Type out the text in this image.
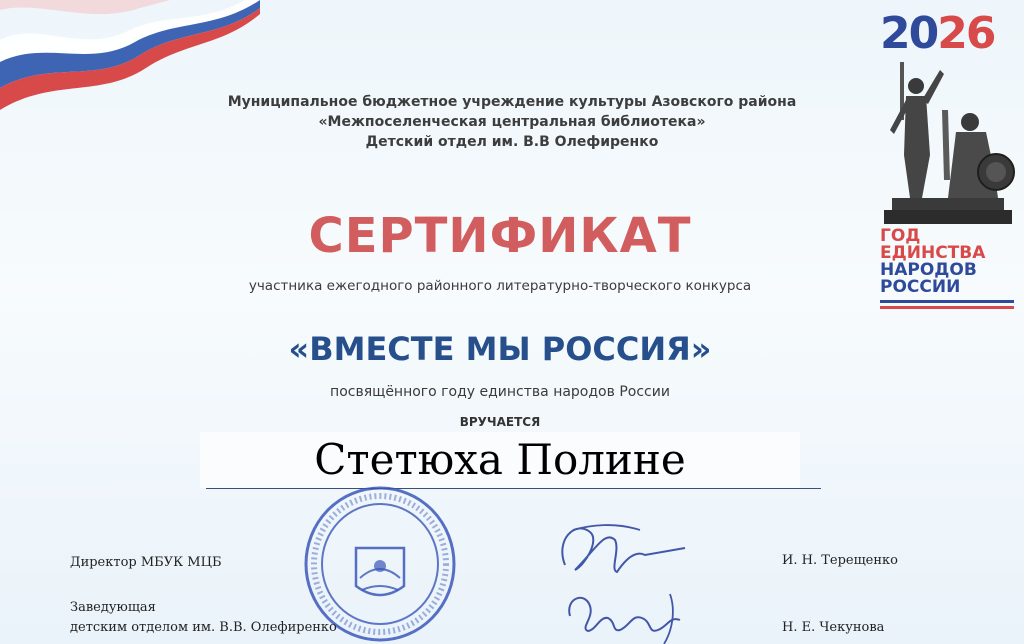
Муниципальное бюджетное учреждение культуры Азовского района
«Межпоселенческая центральная библиотека»
Детский отдел им. В.В Олефиренко
СЕРТИФИКАТ
участника ежегодного районного литературно-творческого конкурса
«ВМЕСТЕ МЫ РОССИЯ»
посвящённого году единства народов России
ВРУЧАЕТСЯ
Стетюха Полине
2026
ГОД
ЕДИНСТВА
НАРОДОВ
РОССИИ
Директор МБУК МЦБ	И. Н. Терещенко
Заведующая
детским отделом им. В.В. Олефиренко	Н. Е. Чекунова
